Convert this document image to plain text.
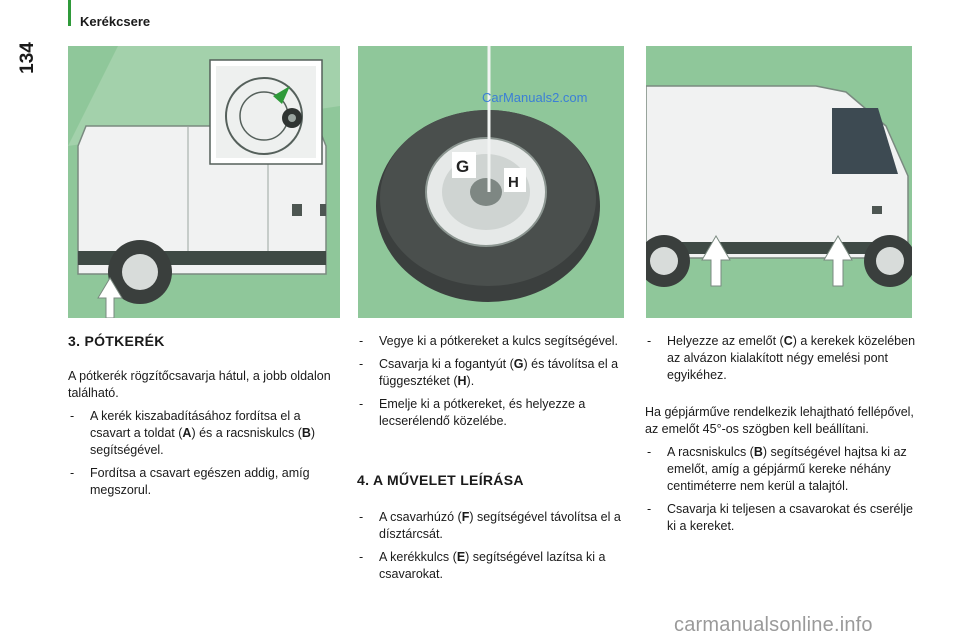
Kerékcsere
134
G
H
CarManuals2.com

3. PÓTKERÉK

A pótkerék rögzítőcsavarja hátul, a jobb oldalon található.

- A kerék kiszabadításához fordítsa el a csavart a toldat (A) és a racsniskulcs (B) segítségével.

- Fordítsa a csavart egészen addig, amíg megszorul.

- Vegye ki a pótkereket a kulcs segítségével.

- Csavarja ki a fogantyút (G) és távolítsa el a függesztéket (H).

- Emelje ki a pótkereket, és helyezze a lecserélendő közelébe.

4. A MŰVELET LEÍRÁSA

- A csavarhúzó (F) segítségével távolítsa el a dísztárcsát.

- A kerékkulcs (E) segítségével lazítsa ki a csavarokat.

- Helyezze az emelőt (C) a kerekek közelében az alvázon kialakított négy emelési pont egyikéhez.

Ha gépjárműve rendelkezik lehajtható fellépővel, az emelőt 45°-os szögben kell beállítani.

- A racsniskulcs (B) segítségével hajtsa ki az emelőt, amíg a gépjármű kereke néhány centiméterre nem kerül a talajtól.

- Csavarja ki teljesen a csavarokat és cserélje ki a kereket.

carmanualsonline.info
